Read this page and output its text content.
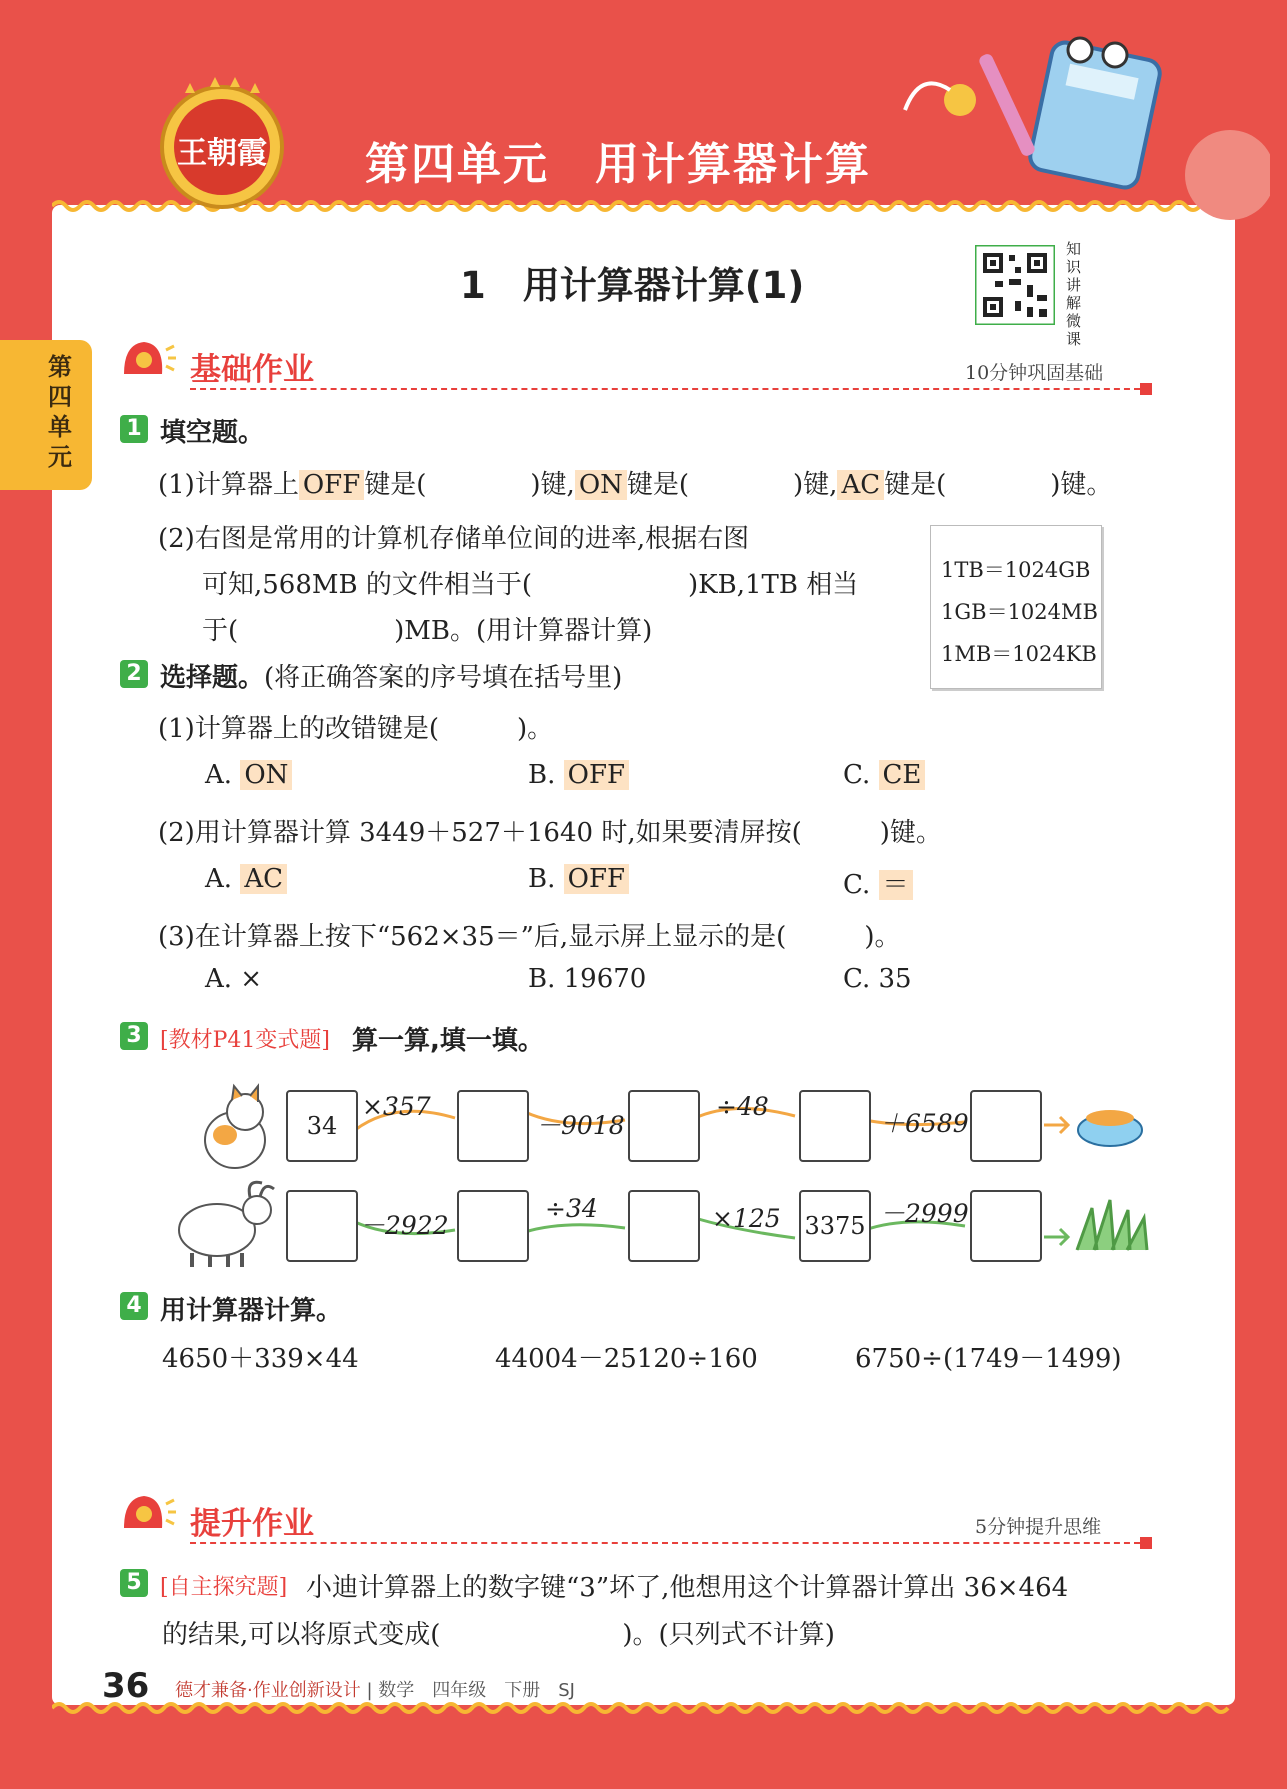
王朝霞 第四单元　用计算器计算
第四单元
1　用计算器计算(1)
知识讲解微课
基础作业	10分钟巩固基础
1 填空题。
(1)计算器上 OFF 键是(　　　　)键, ON 键是(　　　　)键, AC 键是(　　　　)键。
(2)右图是常用的计算机存储单位间的进率,根据右图
可知,568MB 的文件相当于(　　　　　　)KB,1TB 相当
于(　　　　　　)MB。(用计算器计算)
1TB＝1024GB
1GB＝1024MB
1MB＝1024KB
2 选择题。(将正确答案的序号填在括号里)
(1)计算器上的改错键是(　　　)。
A. ON	B. OFF	C. CE
(2)用计算器计算 3449＋527＋1640 时,如果要清屏按(　　　)键。
A. AC	B. OFF	C. ＝
(3)在计算器上按下“562×35＝”后,显示屏上显示的是(　　　)。
A. ×	B. 19670	C. 35
3 [教材P41变式题] 算一算,填一填。
34
×357
－9018
÷48
＋6589
－2922
÷34	×125 3375 －2999
4 用计算器计算。
4650＋339×44	44004－25120÷160	6750÷(1749－1499)
提升作业	5分钟提升思维
5 [自主探究题] 小迪计算器上的数字键“3”坏了,他想用这个计算器计算出 36×464
的结果,可以将原式变成(　　　　　　　)。(只列式不计算)
36 德才兼备·作业创新设计 | 数学　四年级　下册　SJ
